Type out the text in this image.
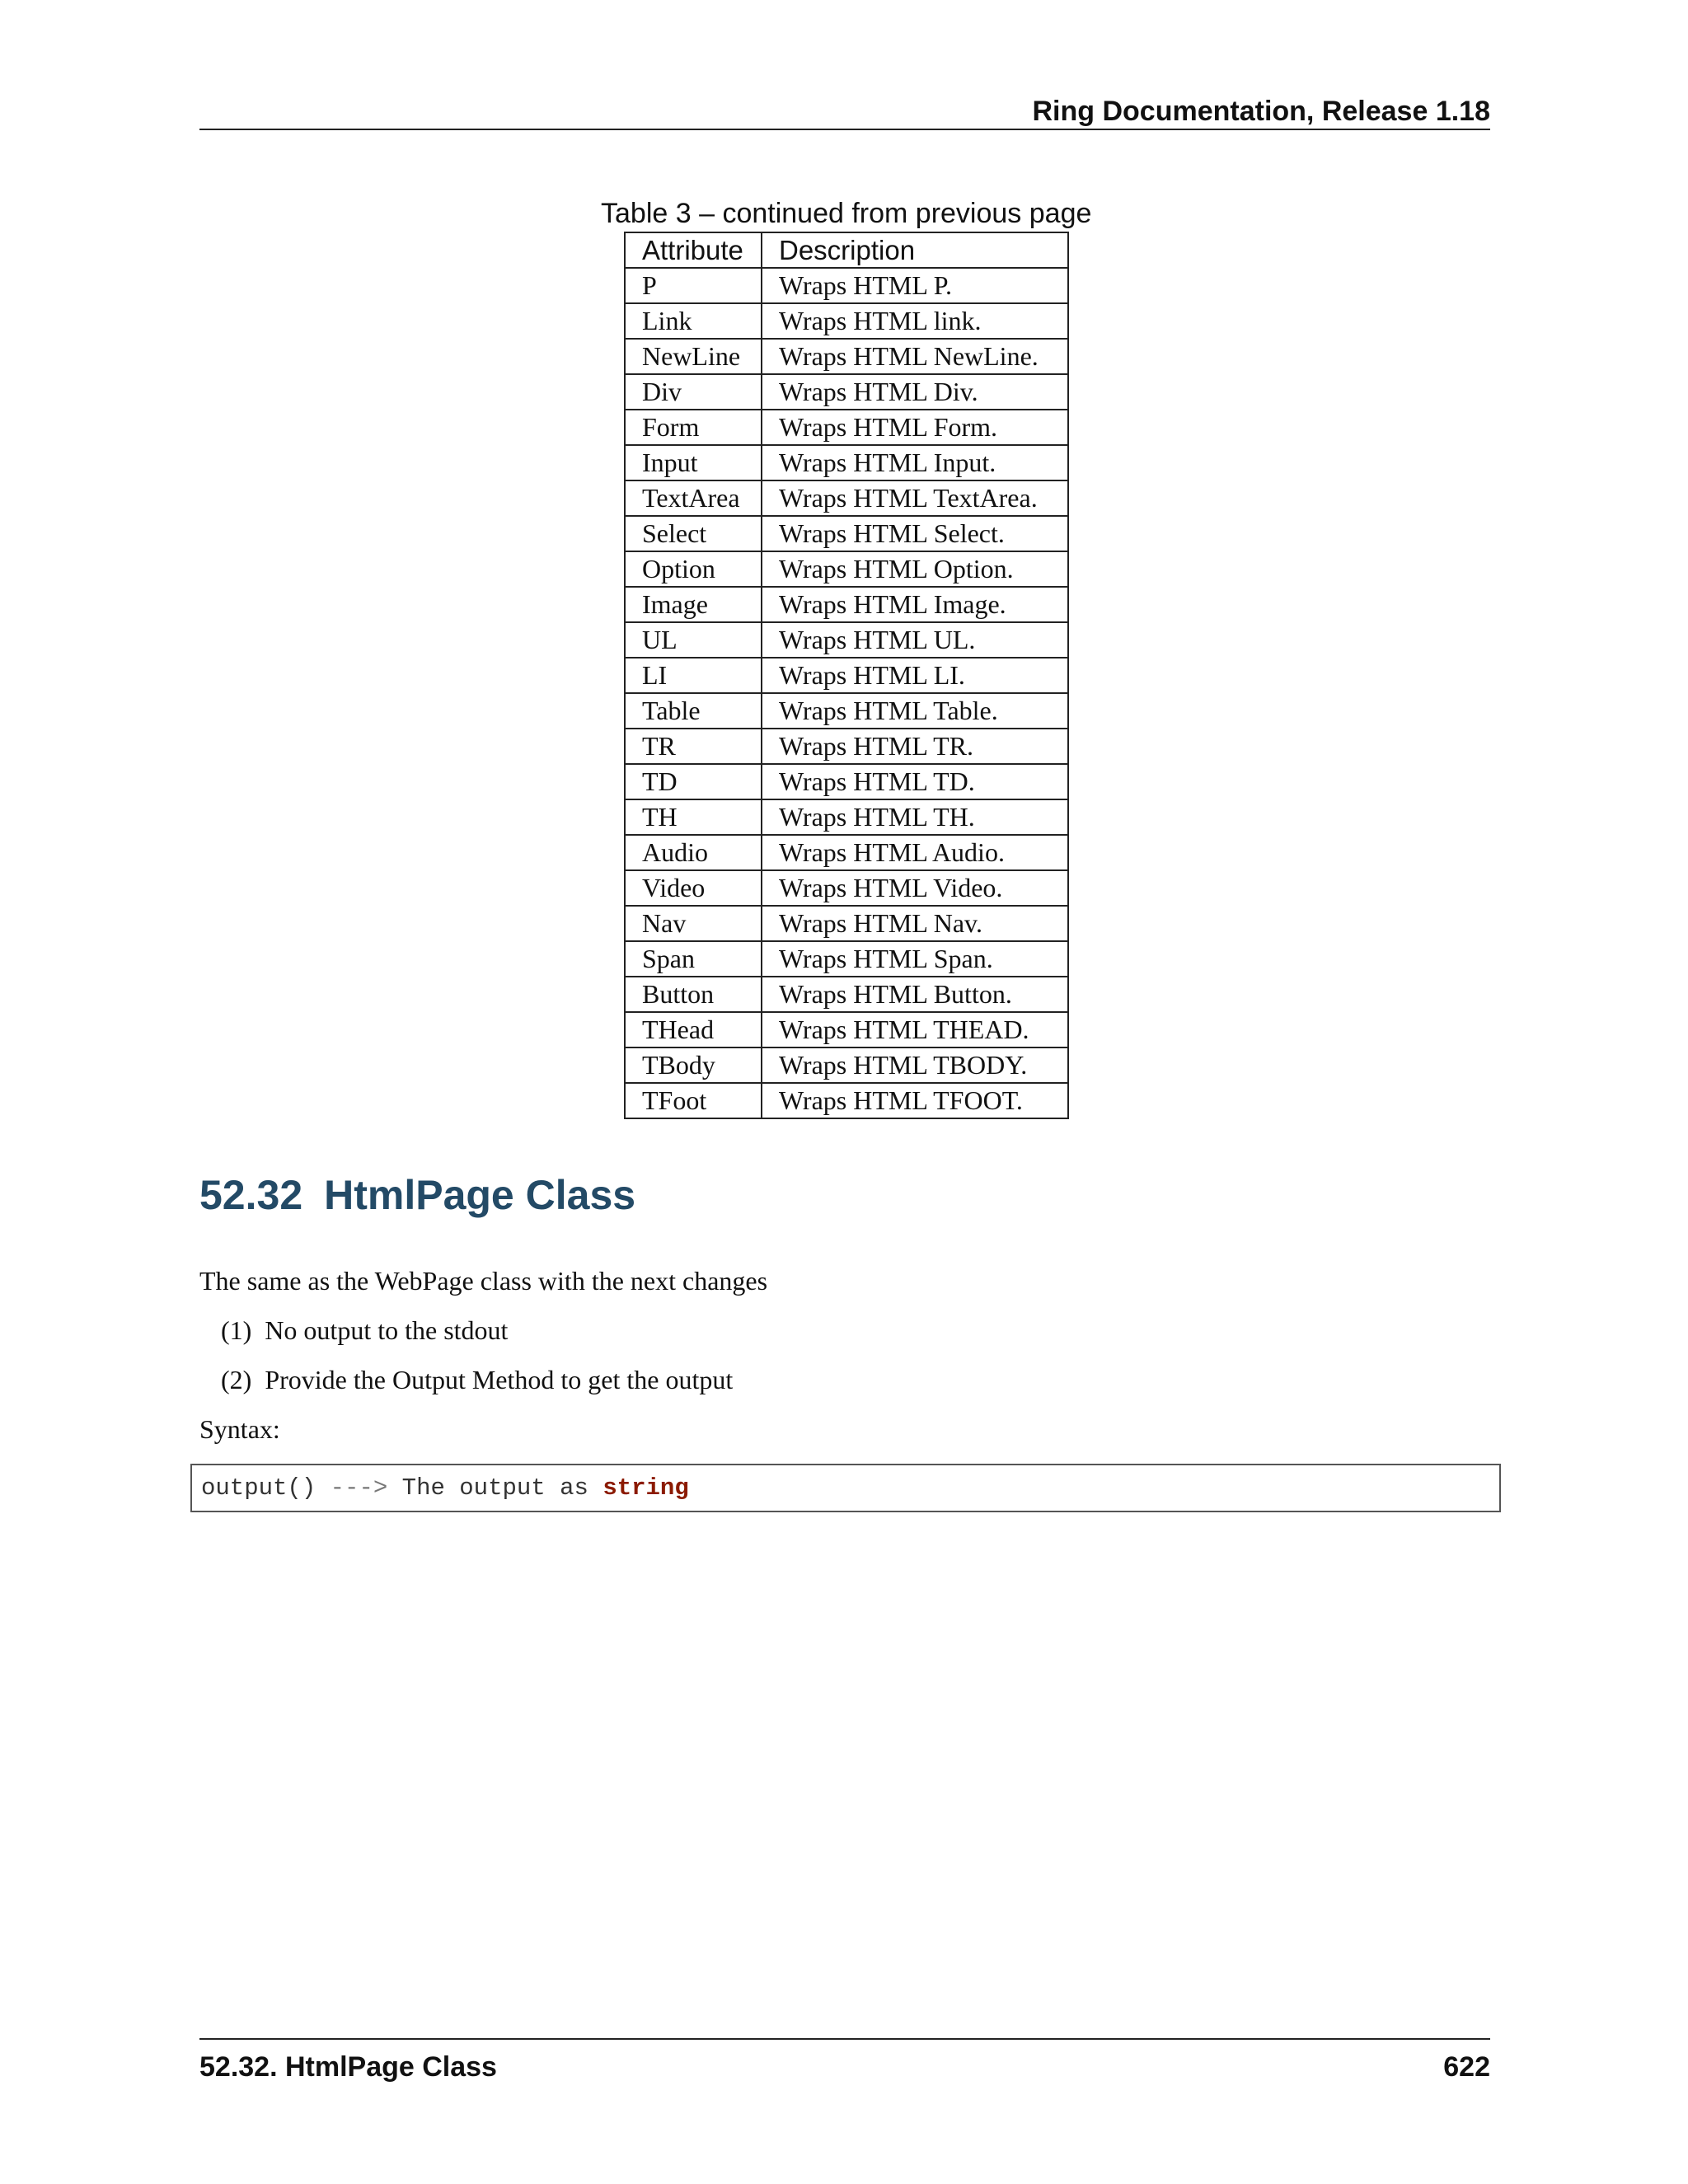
Ring Documentation, Release 1.18
Table 3 – continued from previous page
Attribute	Description
P	Wraps HTML P.
Link	Wraps HTML link.
NewLine	Wraps HTML NewLine.
Div	Wraps HTML Div.
Form	Wraps HTML Form.
Input	Wraps HTML Input.
TextArea	Wraps HTML TextArea.
Select	Wraps HTML Select.
Option	Wraps HTML Option.
Image	Wraps HTML Image.
UL	Wraps HTML UL.
LI	Wraps HTML LI.
Table	Wraps HTML Table.
TR	Wraps HTML TR.
TD	Wraps HTML TD.
TH	Wraps HTML TH.
Audio	Wraps HTML Audio.
Video	Wraps HTML Video.
Nav	Wraps HTML Nav.
Span	Wraps HTML Span.
Button	Wraps HTML Button.
THead	Wraps HTML THEAD.
TBody	Wraps HTML TBODY.
TFoot	Wraps HTML TFOOT.
52.32 HtmlPage Class
The same as the WebPage class with the next changes
(1) No output to the stdout
(2) Provide the Output Method to get the output
Syntax:
output() ---> The output as string
52.32. HtmlPage Class	622
